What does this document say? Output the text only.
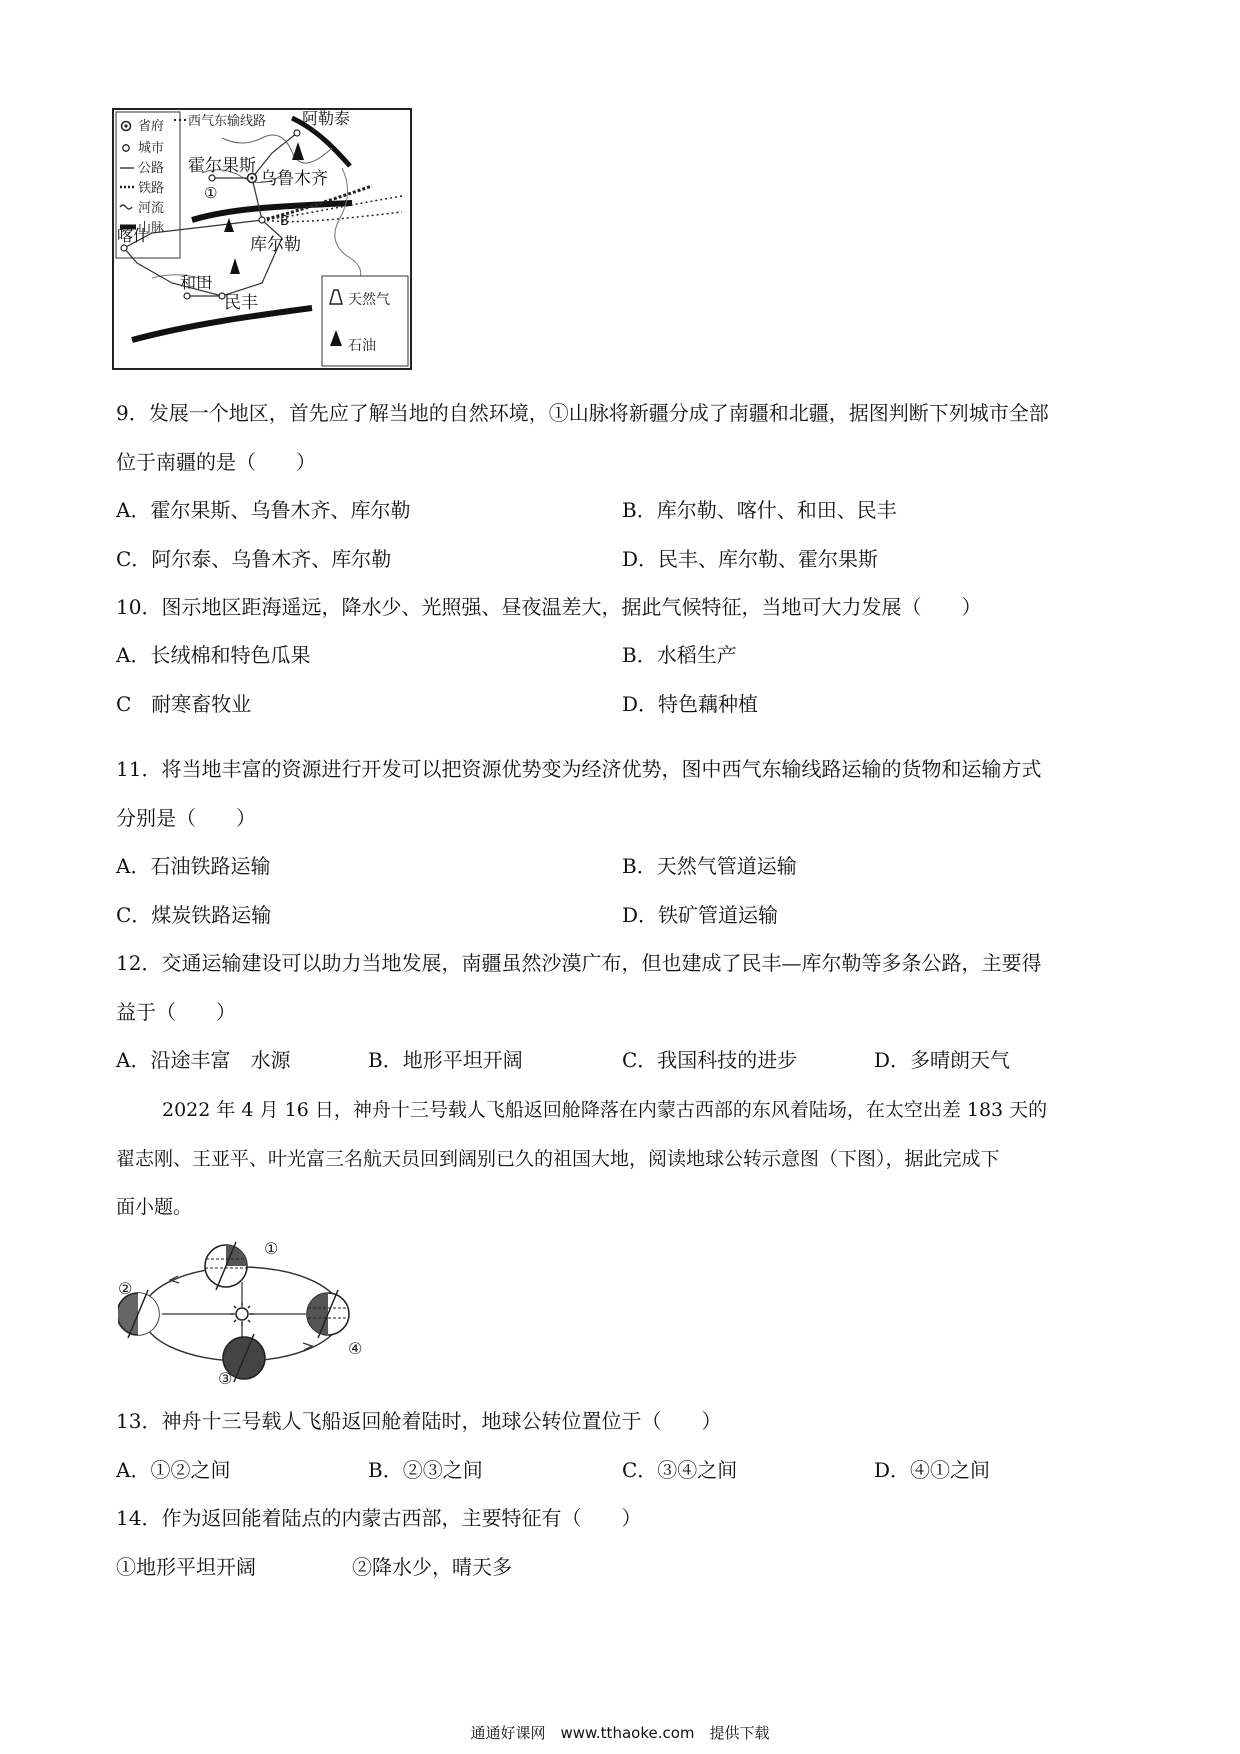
省府
城市
公路
铁路
河流
山脉
西气东输线路
天然气
石油
阿勒泰
霍尔果斯
乌鲁木齐
喀什	库尔勒
和田
民丰
①
B
9．发展一个地区，首先应了解当地的自然环境，①山脉将新疆分成了南疆和北疆，据图判断下列城市全部
位于南疆的是（　　）
A．霍尔果斯、乌鲁木齐、库尔勒	B．库尔勒、喀什、和田、民丰
C．阿尔泰、乌鲁木齐、库尔勒	D．民丰、库尔勒、霍尔果斯
10．图示地区距海遥远，降水少、光照强、昼夜温差大，据此气候特征，当地可大力发展（　　）
A．长绒棉和特色瓜果	B．水稻生产
C　耐寒畜牧业	D．特色藕种植
11．将当地丰富的资源进行开发可以把资源优势变为经济优势，图中西气东输线路运输的货物和运输方式
分别是（　　）
A．石油铁路运输	B．天然气管道运输
C．煤炭铁路运输	D．铁矿管道运输
12．交通运输建设可以助力当地发展，南疆虽然沙漠广布，但也建成了民丰—库尔勒等多条公路，主要得
益于（　　）
A．沿途丰富　水源	B．地形平坦开阔	C．我国科技的进步	D．多晴朗天气
2022 年 4 月 16 日，神舟十三号载人飞船返回舱降落在内蒙古西部的东风着陆场，在太空出差 183 天的
翟志刚、王亚平、叶光富三名航天员回到阔别已久的祖国大地，阅读地球公转示意图（下图），据此完成下
面小题。
①
②
③
④
13．神舟十三号载人飞船返回舱着陆时，地球公转位置位于（　　）
A．①②之间	B．②③之间	C．③④之间	D．④①之间
14．作为返回能着陆点的内蒙古西部，主要特征有（　　）
①地形平坦开阔	②降水少，晴天多
通通好课网　www.tthaoke.com　提供下载
